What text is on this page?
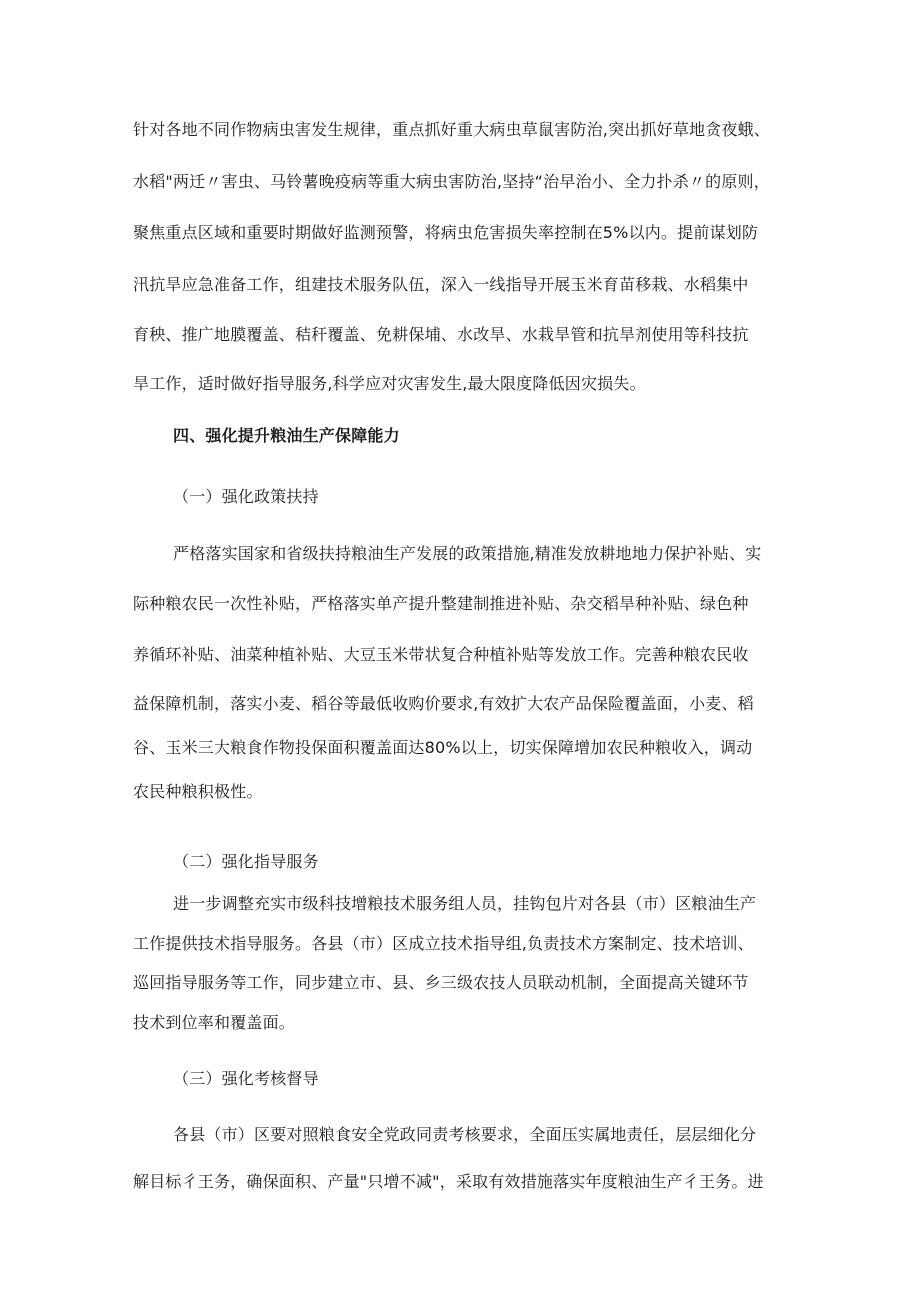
针对各地不同作物病虫害发生规律，重点抓好重大病虫草鼠害防治,突出抓好草地贪夜蛾、
水稻"两迁〃害虫、马铃薯晚疫病等重大病虫害防治,坚持“治早治小、全力扑杀〃的原则，
聚焦重点区域和重要时期做好监测预警，将病虫危害损失率控制在5%以内。提前谋划防
汛抗旱应急准备工作，组建技术服务队伍，深入一线指导开展玉米育苗移栽、水稻集中
育秧、推广地膜覆盖、秸秆覆盖、免耕保埔、水改旱、水栽旱管和抗旱剂使用等科技抗
旱工作，适时做好指导服务,科学应对灾害发生,最大限度降低因灾损失。
四、强化提升粮油生产保障能力
（一）强化政策扶持
严格落实国家和省级扶持粮油生产发展的政策措施,精准发放耕地地力保护补贴、实
际种粮农民一次性补贴，严格落实单产提升整建制推进补贴、杂交稻旱种补贴、绿色种
养循环补贴、油菜种植补贴、大豆玉米带状复合种植补贴等发放工作。完善种粮农民收
益保障机制，落实小麦、稻谷等最低收购价要求,有效扩大农产品保险覆盖面，小麦、稻
谷、玉米三大粮食作物投保面积覆盖面达80%以上，切实保障增加农民种粮收入，调动
农民种粮积极性。
（二）强化指导服务
进一步调整充实市级科技增粮技术服务组人员，挂钩包片对各县（市）区粮油生产
工作提供技术指导服务。各县（市）区成立技术指导组,负责技术方案制定、技术培训、
巡回指导服务等工作，同步建立市、县、乡三级农技人员联动机制，全面提高关键环节
技术到位率和覆盖面。
（三）强化考核督导
各县（市）区要对照粮食安全党政同责考核要求，全面压实属地责任，层层细化分
解目标彳王务，确保面积、产量"只增不减"，采取有效措施落实年度粮油生产彳王务。进
